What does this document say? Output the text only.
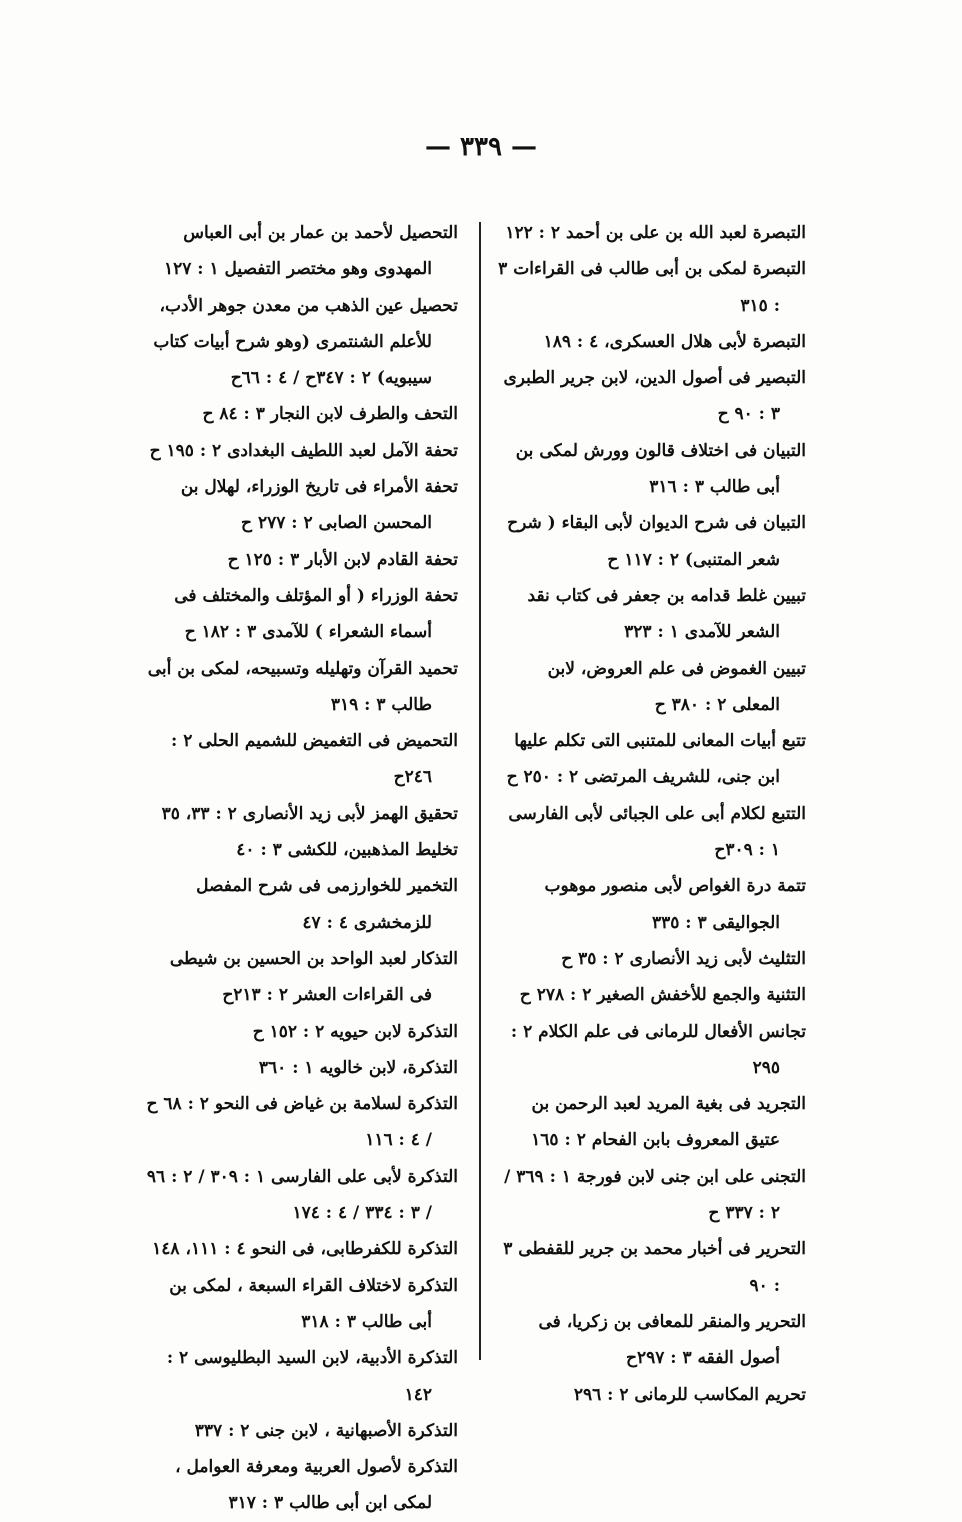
— ٣٣٩ —

التبصرة لعبد الله بن على بن أحمد ٢ : ١٢٢

التبصرة لمكى بن أبى طالب فى القراءات ٣ : ٣١٥

التبصرة لأبى هلال العسكرى، ٤ : ١٨٩

التبصير فى أصول الدين، لابن جرير الطبرى ٣ : ٩٠ ح

التبيان فى اختلاف قالون وورش لمكى بن أبى طالب ٣ : ٣١٦

التبيان فى شرح الديوان لأبى البقاء ( شرح شعر المتنبى) ٢ : ١١٧ ح

تبيين غلط قدامه بن جعفر فى كتاب نقد الشعر للآمدى ١ : ٣٢٣

تبيين الغموض فى علم العروض، لابن المعلى ٢ : ٣٨٠ ح

تتبع أبيات المعانى للمتنبى التى تكلم عليها ابن جنى، للشريف المرتضى ٢ : ٢٥٠ ح

التتبع لكلام أبى على الجبائى لأبى الفارسى ١ : ٣٠٩ح

تتمة درة الغواص لأبى منصور موهوب الجواليقى ٣ : ٣٣٥

التثليث لأبى زيد الأنصارى ٢ : ٣٥ ح

التثنية والجمع للأخفش الصغير ٢ : ٢٧٨ ح

تجانس الأفعال للرمانى فى علم الكلام ٢ : ٢٩٥

التجريد فى بغية المريد لعبد الرحمن بن عتيق المعروف بابن الفحام ٢ : ١٦٥

التجنى على ابن جنى لابن فورجة ١ : ٣٦٩ / ٢ : ٣٣٧ ح

التحرير فى أخبار محمد بن جرير للقفطى ٣ : ٩٠

التحرير والمنقر للمعافى بن زكريا، فى أصول الفقه ٣ : ٢٩٧ح

تحريم المكاسب للرمانى ٢ : ٢٩٦

التحصيل لأحمد بن عمار بن أبى العباس المهدوى وهو مختصر التفصيل ١ : ١٢٧

تحصيل عين الذهب من معدن جوهر الأدب، للأعلم الشنتمرى (وهو شرح أبيات كتاب سيبويه) ٢ : ٣٤٧ح / ٤ : ٦٦ح

التحف والطرف لابن النجار ٣ : ٨٤ ح

تحفة الآمل لعبد اللطيف البغدادى ٢ : ١٩٥ ح

تحفة الأمراء فى تاريخ الوزراء، لهلال بن المحسن الصابى ٢ : ٢٧٧ ح

تحفة القادم لابن الأبار ٣ : ١٢٥ ح

تحفة الوزراء ( أو المؤتلف والمختلف فى أسماء الشعراء ) للآمدى ٣ : ١٨٢ ح

تحميد القرآن وتهليله وتسبيحه، لمكى بن أبى طالب ٣ : ٣١٩

التحميض فى التغميض للشميم الحلى ٢ : ٢٤٦ح

تحقيق الهمز لأبى زيد الأنصارى ٢ : ٣٣، ٣٥

تخليط المذهبين، للكشى ٣ : ٤٠

التخمير للخوارزمى فى شرح المفصل للزمخشرى ٤ : ٤٧

التذكار لعبد الواحد بن الحسين بن شيطى فى القراءات العشر ٢ : ٢١٣ح

التذكرة لابن حيويه ٢ : ١٥٢ ح

التذكرة، لابن خالويه ١ : ٣٦٠

التذكرة لسلامة بن غياض فى النحو ٢ : ٦٨ ح / ٤ : ١١٦

التذكرة لأبى على الفارسى ١ : ٣٠٩ / ٢ : ٩٦ / ٣ : ٣٣٤ / ٤ : ١٧٤

التذكرة للكفرطابى، فى النحو ٤ : ١١١، ١٤٨

التذكرة لاختلاف القراء السبعة ، لمكى بن أبى طالب ٣ : ٣١٨

التذكرة الأدبية، لابن السيد البطليوسى ٢ : ١٤٢

التذكرة الأصبهانية ، لابن جنى ٢ : ٣٣٧

التذكرة لأصول العربية ومعرفة العوامل ، لمكى ابن أبى طالب ٣ : ٣١٧
